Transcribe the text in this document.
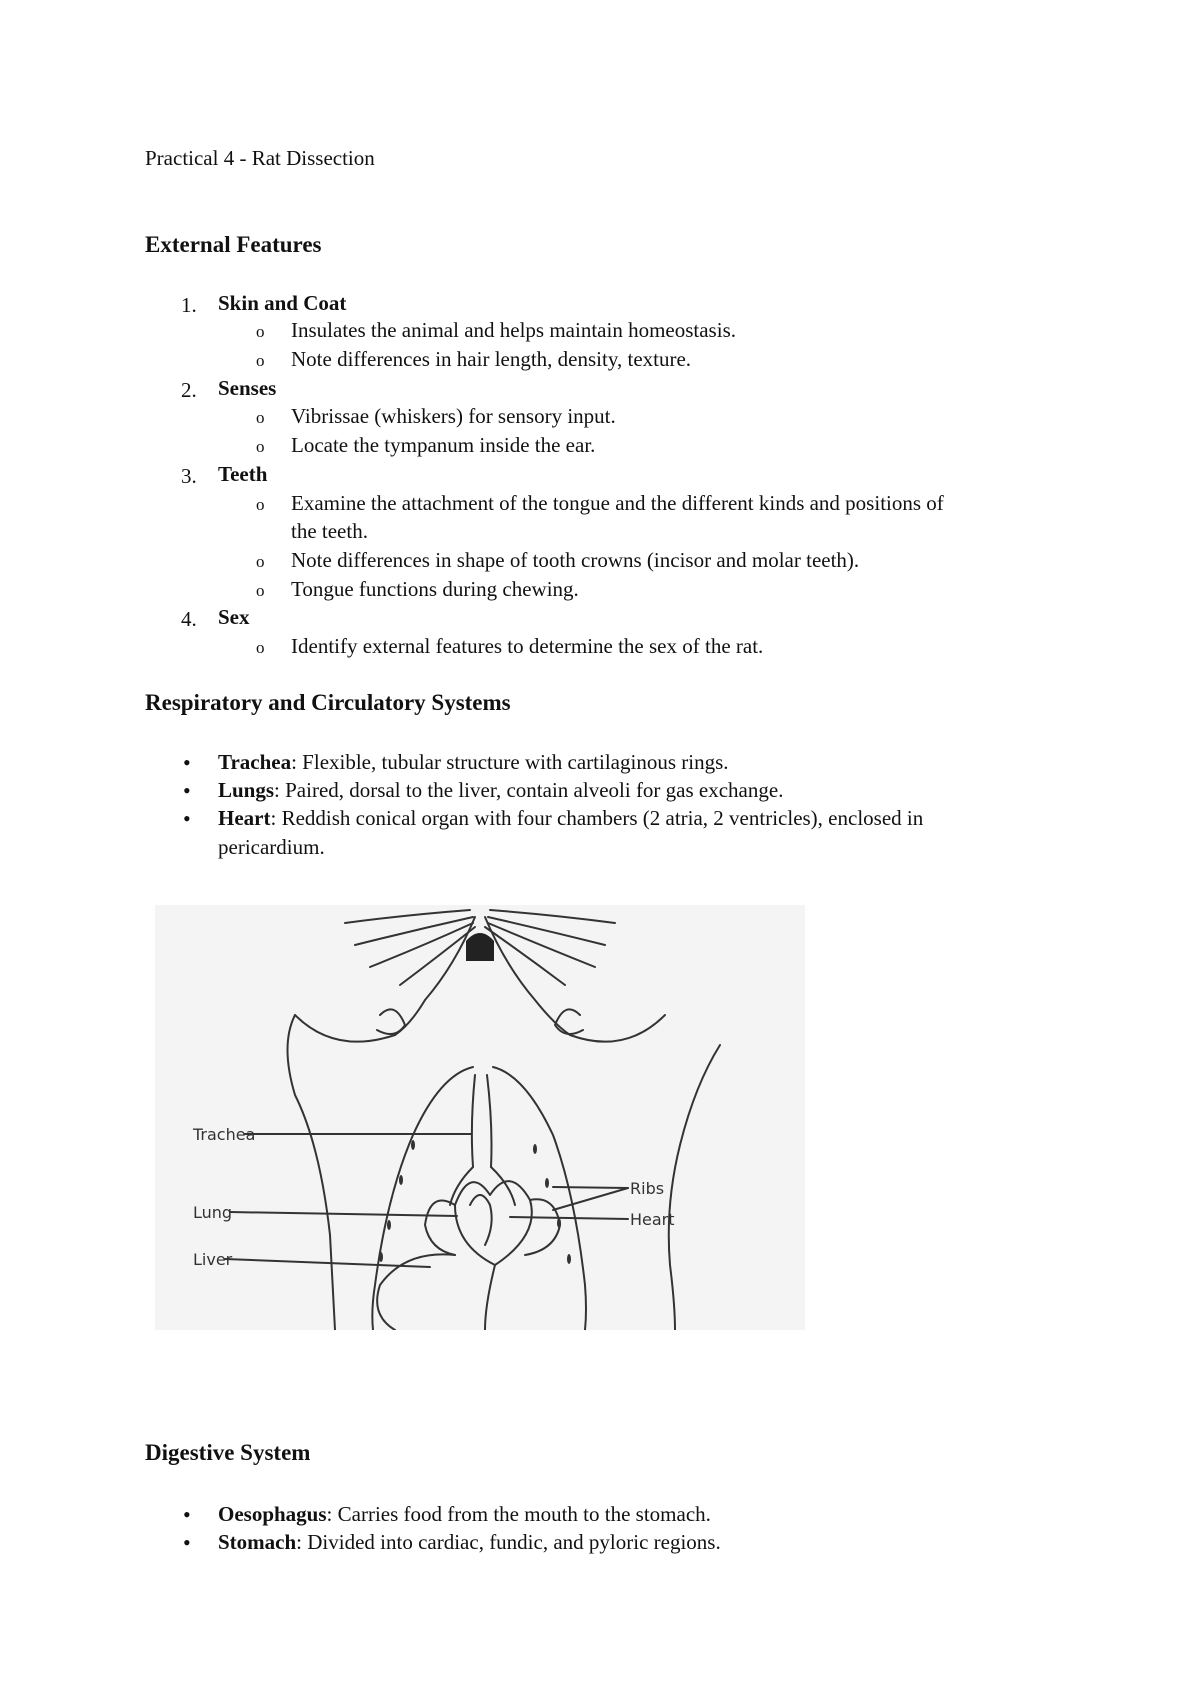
Practical 4 - Rat Dissection
External Features
1. Skin and Coat
o Insulates the animal and helps maintain homeostasis.
o Note differences in hair length, density, texture.
2. Senses
o Vibrissae (whiskers) for sensory input.
o Locate the tympanum inside the ear.
3. Teeth
o Examine the attachment of the tongue and the different kinds and positions of
the teeth.
o Note differences in shape of tooth crowns (incisor and molar teeth).
o Tongue functions during chewing.
4. Sex
o Identify external features to determine the sex of the rat.
Respiratory and Circulatory Systems
• Trachea: Flexible, tubular structure with cartilaginous rings.
• Lungs: Paired, dorsal to the liver, contain alveoli for gas exchange.
• Heart: Reddish conical organ with four chambers (2 atria, 2 ventricles), enclosed in
pericardium.
Trachea
Lung
Liver
Ribs
Heart
Digestive System
• Oesophagus: Carries food from the mouth to the stomach.
• Stomach: Divided into cardiac, fundic, and pyloric regions.
